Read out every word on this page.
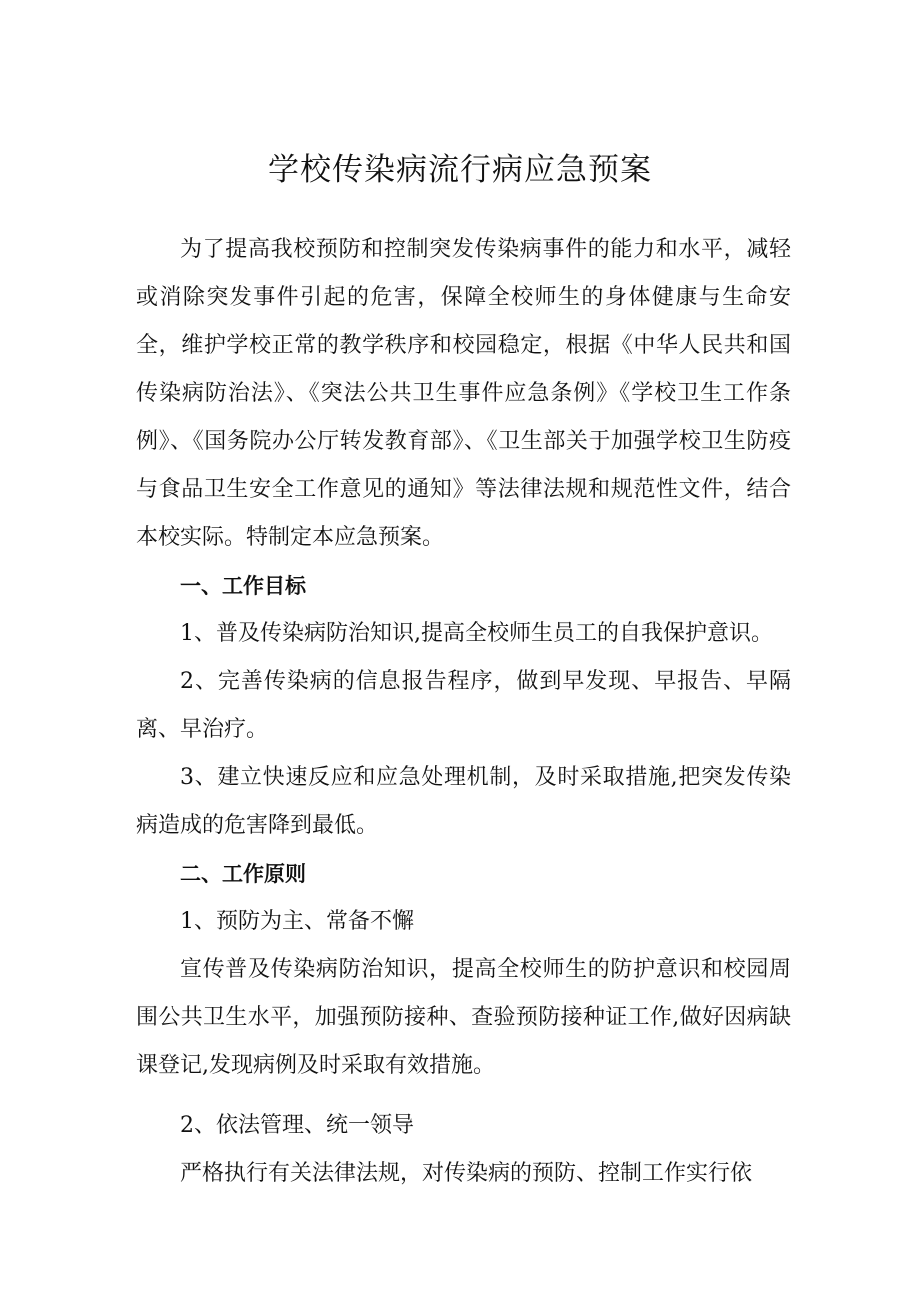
学校传染病流行病应急预案

为了提高我校预防和控制突发传染病事件的能力和水平，减轻或消除突发事件引起的危害，保障全校师生的身体健康与生命安全，维护学校正常的教学秩序和校园稳定，根据《中华人民共和国传染病防治法》、《突法公共卫生事件应急条例》《学校卫生工作条例》、《国务院办公厅转发教育部》、《卫生部关于加强学校卫生防疫与食品卫生安全工作意见的通知》等法律法规和规范性文件，结合本校实际。特制定本应急预案。

一、工作目标

1、普及传染病防治知识,提高全校师生员工的自我保护意识。

2、完善传染病的信息报告程序，做到早发现、早报告、早隔离、早治疗。

3、建立快速反应和应急处理机制，及时采取措施,把突发传染病造成的危害降到最低。

二、工作原则

1、预防为主、常备不懈

宣传普及传染病防治知识，提高全校师生的防护意识和校园周围公共卫生水平，加强预防接种、查验预防接种证工作,做好因病缺课登记,发现病例及时采取有效措施。

2、依法管理、统一领导

严格执行有关法律法规，对传染病的预防、控制工作实行依
